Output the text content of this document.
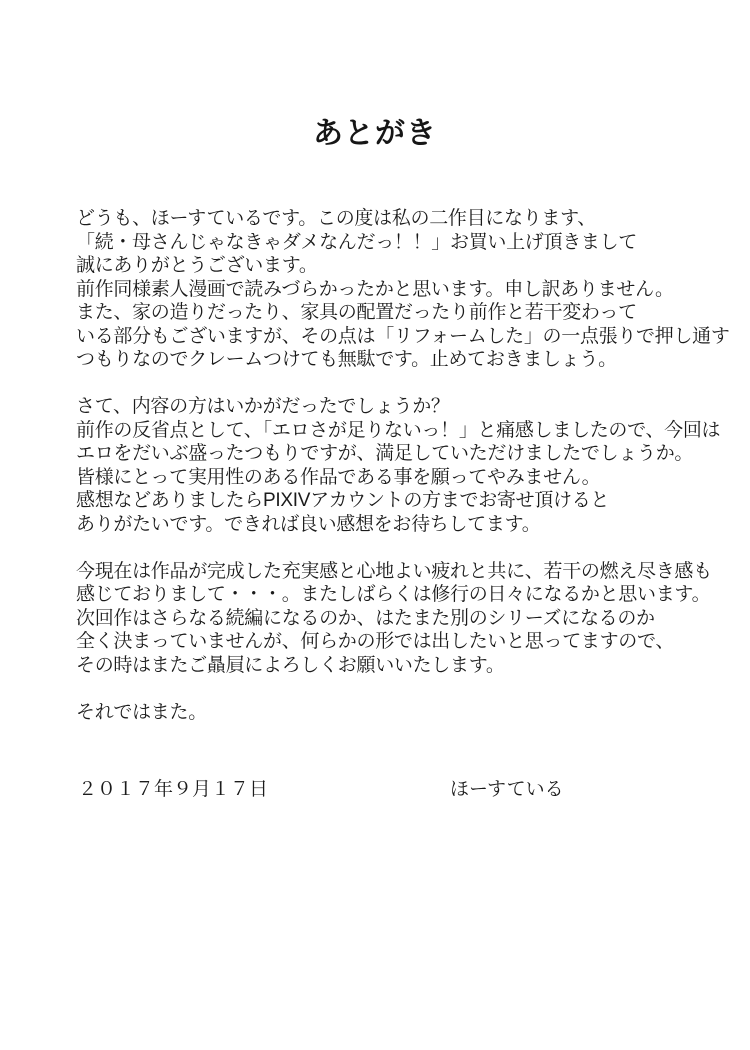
あとがき
どうも、ほーすているです。この度は私の二作目になります、
「続・母さんじゃなきゃダメなんだっ！！」お買い上げ頂きまして
誠にありがとうございます。
前作同様素人漫画で読みづらかったかと思います。申し訳ありません。
また、家の造りだったり、家具の配置だったり前作と若干変わって
いる部分もございますが、その点は「リフォームした」の一点張りで押し通す
つもりなのでクレームつけても無駄です。止めておきましょう。
さて、内容の方はいかがだったでしょうか？
前作の反省点として、「エロさが足りないっ！」と痛感しましたので、今回は
エロをだいぶ盛ったつもりですが、満足していただけましたでしょうか。
皆様にとって実用性のある作品である事を願ってやみません。
感想などありましたらPIXIVアカウントの方までお寄せ頂けると
ありがたいです。できれば良い感想をお待ちしてます。
今現在は作品が完成した充実感と心地よい疲れと共に、若干の燃え尽き感も
感じておりまして・・・。またしばらくは修行の日々になるかと思います。
次回作はさらなる続編になるのか、はたまた別のシリーズになるのか
全く決まっていませんが、何らかの形では出したいと思ってますので、
その時はまたご贔屓によろしくお願いいたします。
それではまた。
２０１７年９月１７日	ほーすている
